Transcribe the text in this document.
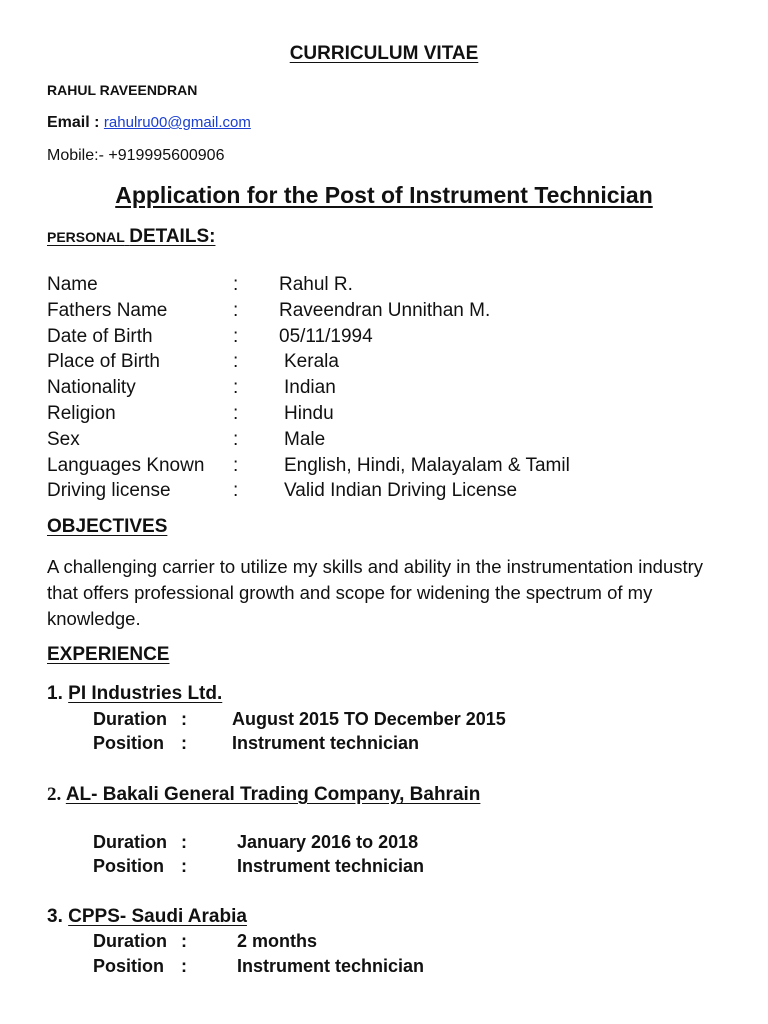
CURRICULUM VITAE
RAHUL RAVEENDRAN
Email : rahulru00@gmail.com
Mobile:- +919995600906
Application for the Post of Instrument Technician
PERSONAL DETAILS:
Name	: Rahul R.
Fathers Name	: Raveendran Unnithan M.
Date of Birth	: 05/11/1994
Place of Birth	: Kerala
Nationality	: Indian
Religion	: Hindu
Sex	: Male
Languages Known : English, Hindi, Malayalam & Tamil
Driving license	: Valid Indian Driving License
OBJECTIVES
A challenging carrier to utilize my skills and ability in the instrumentation industry that offers professional growth and scope for widening the spectrum of my knowledge.
EXPERIENCE
1. PI Industries Ltd.
Duration :	August 2015 TO December 2015
Position :	Instrument technician
2. AL- Bakali General Trading Company, Bahrain
Duration :	January 2016 to 2018
Position :	Instrument technician
3. CPPS- Saudi Arabia
Duration :	2 months
Position :	Instrument technician
